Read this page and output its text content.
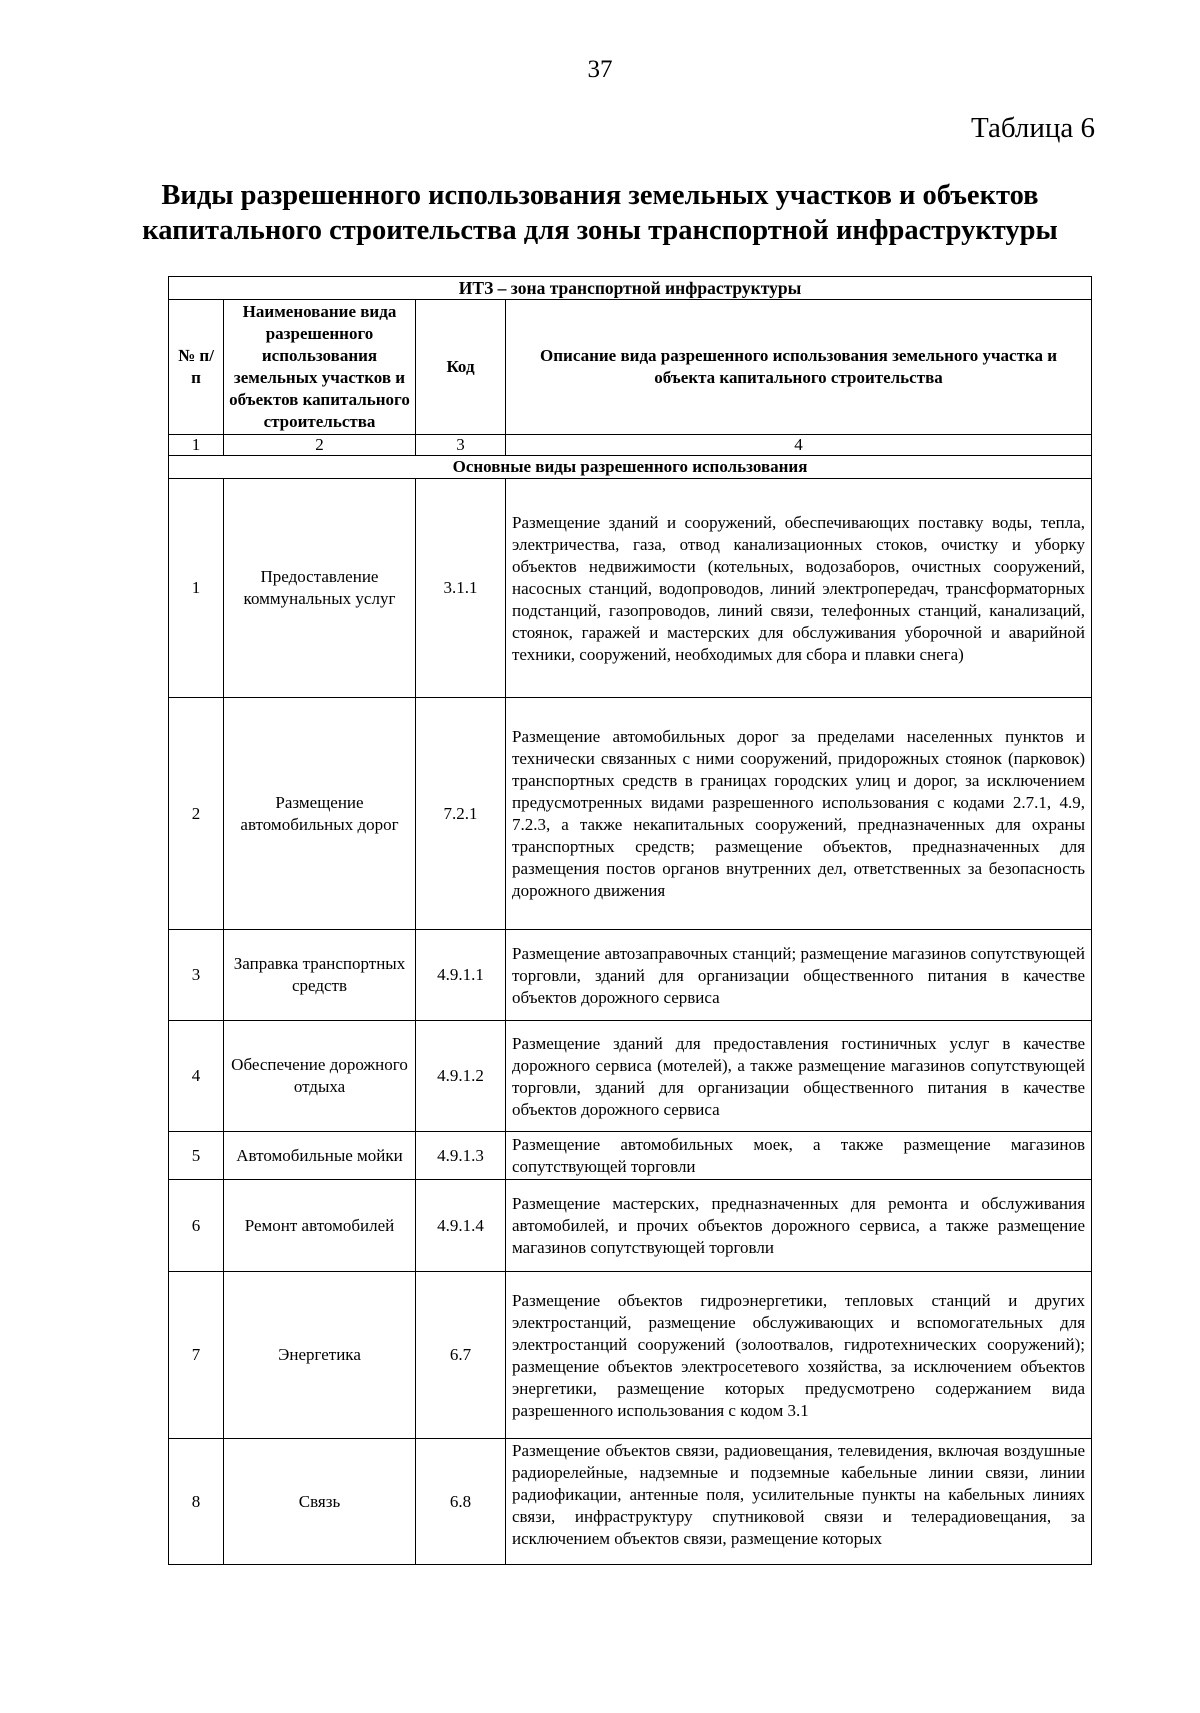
37
Таблица 6
Виды разрешенного использования земельных участков и объектов
капитального строительства для зоны транспортной инфраструктуры
ИТЗ – зона транспортной инфраструктуры			
№ п/п	Наименование вида разрешенного использования земельных участков и объектов капитального строительства	Код	Описание вида разрешенного использования земельного участка и объекта капитального строительства
1	2	3	4
Основные виды разрешенного использования			
1	Предоставление коммунальных услуг	3.1.1	Размещение зданий и сооружений, обеспечивающих поставку воды, тепла, электричества, газа, отвод канализационных стоков, очистку и уборку объектов недвижимости (котельных, водозаборов, очистных сооружений, насосных станций, водопроводов, линий электропередач, трансформаторных подстанций, газопроводов, линий связи, телефонных станций, канализаций, стоянок, гаражей и мастерских для обслуживания уборочной и аварийной техники, сооружений, необходимых для сбора и плавки снега)
2	Размещение автомобильных дорог	7.2.1	Размещение автомобильных дорог за пределами населенных пунктов и технически связанных с ними сооружений, придорожных стоянок (парковок) транспортных средств в границах городских улиц и дорог, за исключением предусмотренных видами разрешенного использования с кодами 2.7.1, 4.9, 7.2.3, а также некапитальных сооружений, предназначенных для охраны транспортных средств; размещение объектов, предназначенных для размещения постов органов внутренних дел, ответственных за безопасность дорожного движения
3	Заправка транспортных средств	4.9.1.1	Размещение автозаправочных станций; размещение магазинов сопутствующей торговли, зданий для организации общественного питания в качестве объектов дорожного сервиса
4	Обеспечение дорожного отдыха	4.9.1.2	Размещение зданий для предоставления гостиничных услуг в качестве дорожного сервиса (мотелей), а также размещение магазинов сопутствующей торговли, зданий для организации общественного питания в качестве объектов дорожного сервиса
5	Автомобильные мойки	4.9.1.3	Размещение автомобильных моек, а также размещение магазинов сопутствующей торговли
6	Ремонт автомобилей	4.9.1.4	Размещение мастерских, предназначенных для ремонта и обслуживания автомобилей, и прочих объектов дорожного сервиса, а также размещение магазинов сопутствующей торговли
7	Энергетика	6.7	Размещение объектов гидроэнергетики, тепловых станций и других электростанций, размещение обслуживающих и вспомогательных для электростанций сооружений (золоотвалов, гидротехнических сооружений); размещение объектов электросетевого хозяйства, за исключением объектов энергетики, размещение которых предусмотрено содержанием вида разрешенного использования с кодом 3.1
8	Связь	6.8	Размещение объектов связи, радиовещания, телевидения, включая воздушные радиорелейные, надземные и подземные кабельные линии связи, линии радиофикации, антенные поля, усилительные пункты на кабельных линиях связи, инфраструктуру спутниковой связи и телерадиовещания, за исключением объектов связи, размещение которых
